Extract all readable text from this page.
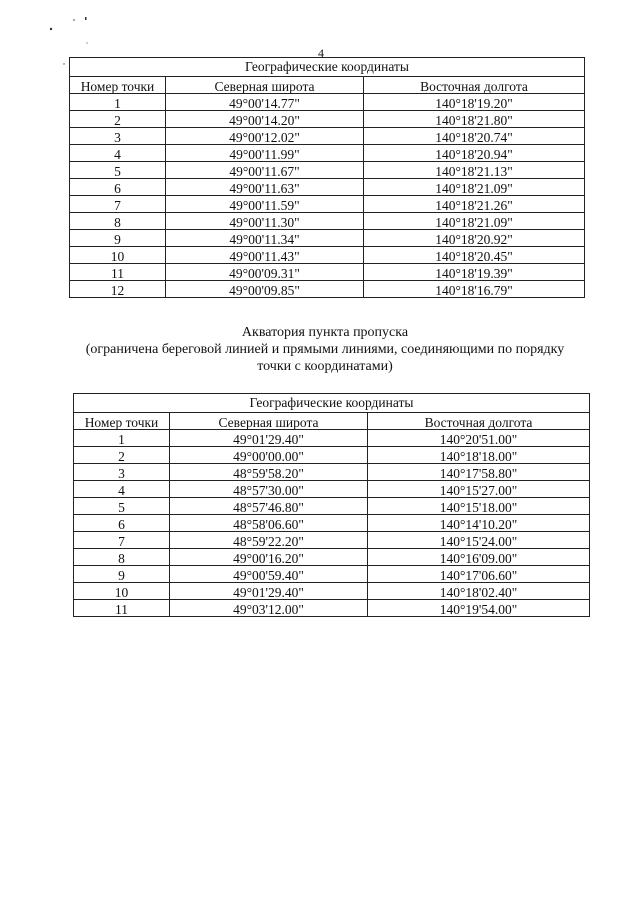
4
Географические координаты		
Номер точки	Северная широта	Восточная долгота
1	49°00'14.77"	140°18'19.20"
2	49°00'14.20"	140°18'21.80"
3	49°00'12.02"	140°18'20.74"
4	49°00'11.99"	140°18'20.94"
5	49°00'11.67"	140°18'21.13"
6	49°00'11.63"	140°18'21.09"
7	49°00'11.59"	140°18'21.26"
8	49°00'11.30"	140°18'21.09"
9	49°00'11.34"	140°18'20.92"
10	49°00'11.43"	140°18'20.45"
11	49°00'09.31"	140°18'19.39"
12	49°00'09.85"	140°18'16.79"
Акватория пункта пропуска
(ограничена береговой линией и прямыми линиями, соединяющими по порядку
точки с координатами)
Географические координаты		
Номер точки	Северная широта	Восточная долгота
1	49°01'29.40"	140°20'51.00"
2	49°00'00.00"	140°18'18.00"
3	48°59'58.20"	140°17'58.80"
4	48°57'30.00"	140°15'27.00"
5	48°57'46.80"	140°15'18.00"
6	48°58'06.60"	140°14'10.20"
7	48°59'22.20"	140°15'24.00"
8	49°00'16.20"	140°16'09.00"
9	49°00'59.40"	140°17'06.60"
10	49°01'29.40"	140°18'02.40"
11	49°03'12.00"	140°19'54.00"
